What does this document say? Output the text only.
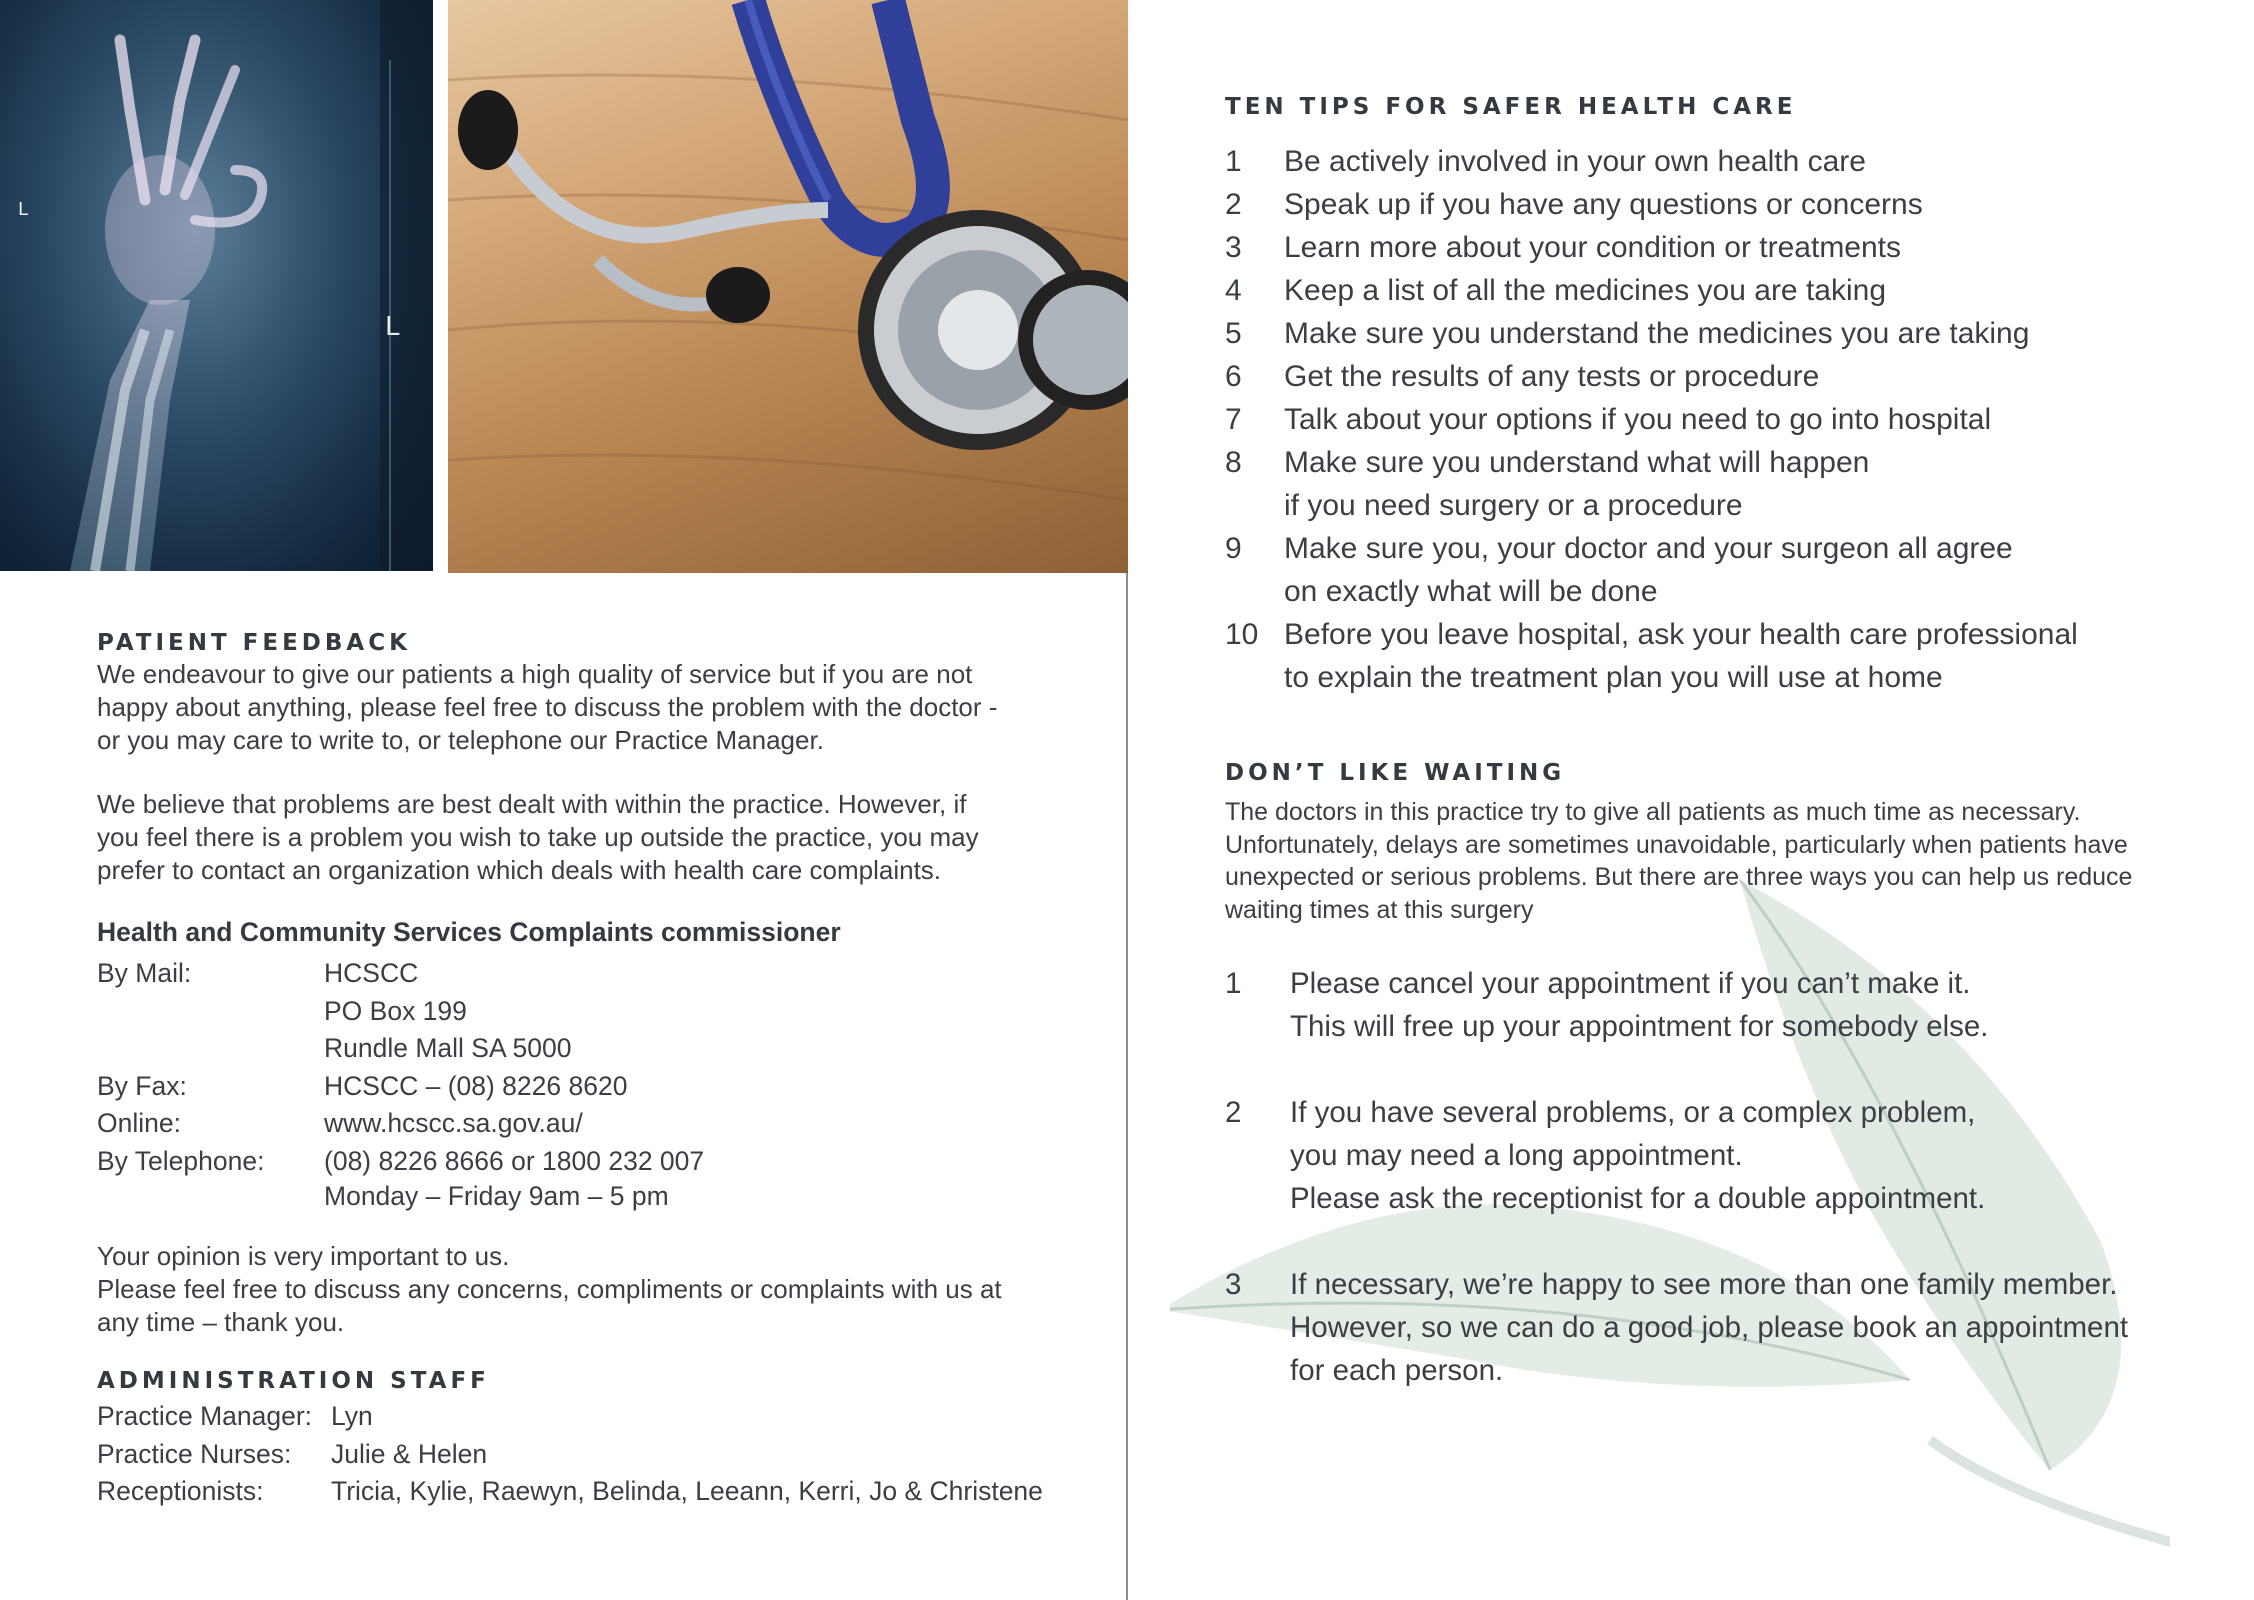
L
L
PATIENT FEEDBACK

We endeavour to give our patients a high quality of service but if you are not
happy about anything, please feel free to discuss the problem with the doctor -
or you may care to write to, or telephone our Practice Manager.

We believe that problems are best dealt with within the practice. However, if
you feel there is a problem you wish to take up outside the practice, you may
prefer to contact an organization which deals with health care complaints.

Health and Community Services Complaints commissioner

By Mail:	HCSCC
PO Box 199
Rundle Mall SA 5000
By Fax:	HCSCC – (08) 8226 8620
Online:	www.hcscc.sa.gov.au/
By Telephone:	(08) 8226 8666 or 1800 232 007
Monday – Friday 9am – 5 pm

Your opinion is very important to us.
Please feel free to discuss any concerns, compliments or complaints with us at
any time – thank you.

ADMINISTRATION STAFF
Practice Manager: Lyn
Practice Nurses:	Julie & Helen
Receptionists:	Tricia, Kylie, Raewyn, Belinda, Leeann, Kerri, Jo & Christene
TEN TIPS FOR SAFER HEALTH CARE
1	Be actively involved in your own health care
2	Speak up if you have any questions or concerns
3	Learn more about your condition or treatments
4	Keep a list of all the medicines you are taking
5	Make sure you understand the medicines you are taking
6	Get the results of any tests or procedure
7	Talk about your options if you need to go into hospital
8	Make sure you understand what will happen
if you need surgery or a procedure
9	Make sure you, your doctor and your surgeon all agree
on exactly what will be done
10 Before you leave hospital, ask your health care professional
to explain the treatment plan you will use at home
DON’T LIKE WAITING

The doctors in this practice try to give all patients as much time as necessary. Unfortunately, delays are sometimes unavoidable, particularly when patients have unexpected or serious problems. But there are three ways you can help us reduce waiting times at this surgery

1	Please cancel your appointment if you can’t make it.
This will free up your appointment for somebody else.
2	If you have several problems, or a complex problem,
you may need a long appointment.
Please ask the receptionist for a double appointment.
3	If necessary, we’re happy to see more than one family member.
However, so we can do a good job, please book an appointment
for each person.
